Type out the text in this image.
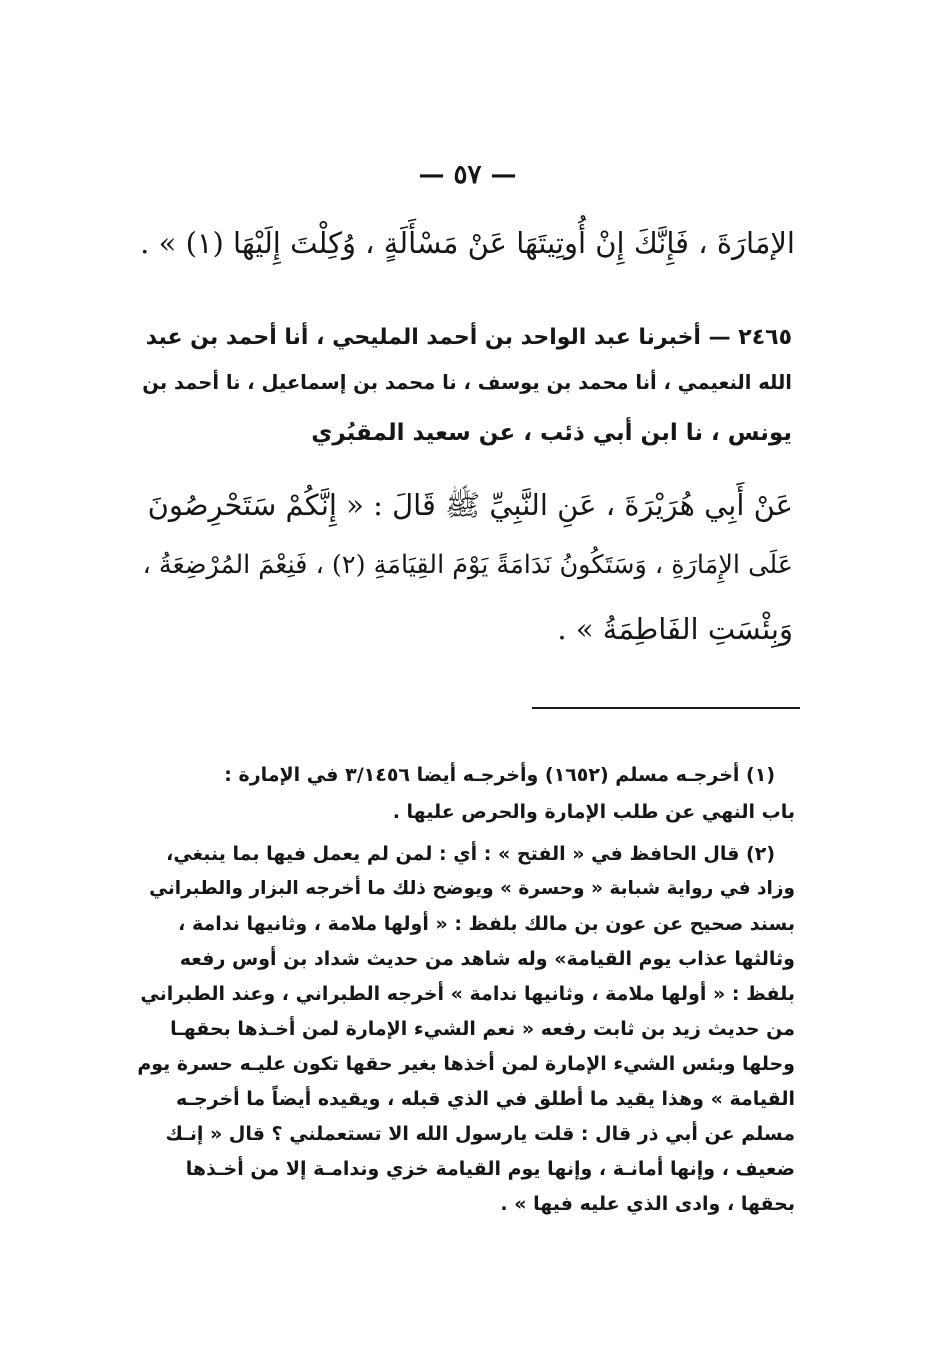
— ٥٧ —
الإمَارَةَ ، فَإِنَّكَ إِنْ أُوتِيتَهَا عَنْ مَسْأَلَةٍ ، وُكِلْتَ إِلَيْهَا (١) » .
٢٤٦٥ — أخبرنا عبد الواحد بن أحمد المليحي ، أنا أحمد بن عبد
الله النعيمي ، أنا محمد بن يوسف ، نا محمد بن إسماعيل ، نا أحمد بن
يونس ، نا ابن أبي ذئب ، عن سعيد المقبُري
عَنْ أَبِي هُرَيْرَةَ ، عَنِ النَّبِيِّ ﷺ قَالَ : « إِنَّكُمْ سَتَحْرِصُونَ
عَلَى الإِمَارَةِ ، وَسَتَكُونُ نَدَامَةً يَوْمَ القِيَامَةِ (٢) ، فَنِعْمَ المُرْضِعَةُ ،
وَبِئْسَتِ الفَاطِمَةُ » .
(١) أخرجـه مسلم (١٦٥٢) وأخرجـه أيضا ٣/١٤٥٦ في الإمارة :
باب النهي عن طلب الإمارة والحرص عليها .
(٢) قال الحافظ في « الفتح » : أي : لمن لم يعمل فيها بما ينبغي،
وزاد في رواية شبابة « وحسرة » ويوضح ذلك ما أخرجه البزار والطبراني
بسند صحيح عن عون بن مالك بلفظ : « أولها ملامة ، وثانيها ندامة ،
وثالثها عذاب يوم القيامة» وله شاهد من حديث شداد بن أوس رفعه
بلفظ : « أولها ملامة ، وثانيها ندامة » أخرجه الطبراني ، وعند الطبراني
من حديث زيد بن ثابت رفعه « نعم الشيء الإمارة لمن أخـذها بحقهـا
وحلها وبئس الشيء الإمارة لمن أخذها بغير حقها تكون عليـه حسرة يوم
القيامة » وهذا يقيد ما أطلق في الذي قبله ، ويقيده أيضاً ما أخرجـه
مسلم عن أبي ذر قال : قلت يارسول الله الا تستعملني ؟ قال « إنـك
ضعيف ، وإنها أمانـة ، وإنها يوم القيامة خزي وندامـة إلا من أخـذها
بحقها ، وادى الذي عليه فيها » .
